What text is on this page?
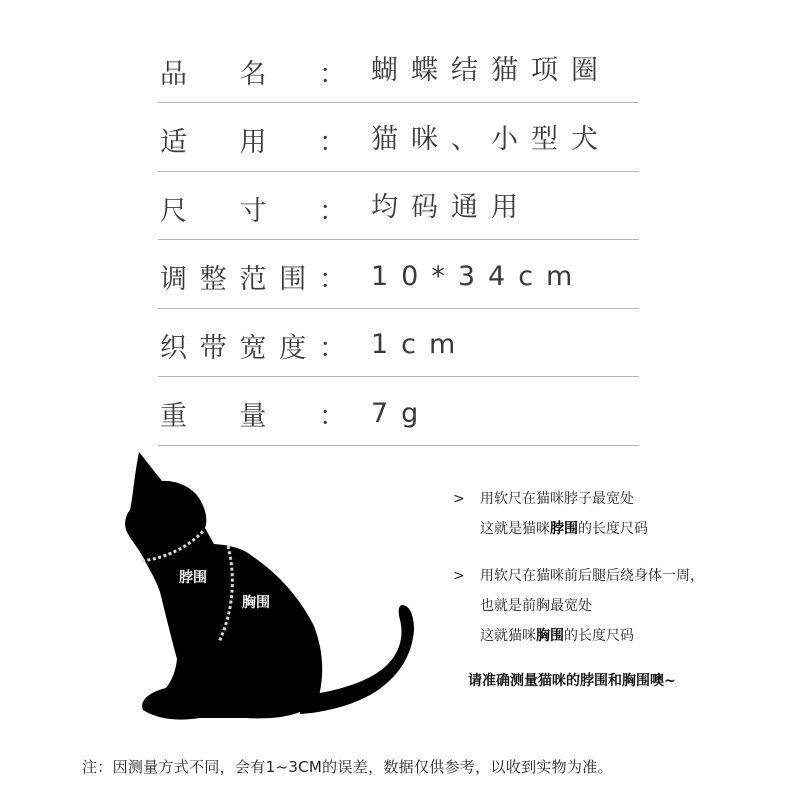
品 名 ： 蝴蝶结猫项圈
适 用 ： 猫咪、小型犬
尺 寸 ： 均码通用
调 整 范 围 ： 10*34cm
织 带 宽 度 ： 1cm
重 量 ： 7g
脖围
胸围
> 用软尺在猫咪脖子最宽处
这就是猫咪脖围的长度尺码
> 用软尺在猫咪前后腿后绕身体一周，
也就是前胸最宽处
这就猫咪胸围的长度尺码
请准确测量猫咪的脖围和胸围噢~
注：因测量方式不同，会有1~3CM的误差，数据仅供参考，以收到实物为准。
